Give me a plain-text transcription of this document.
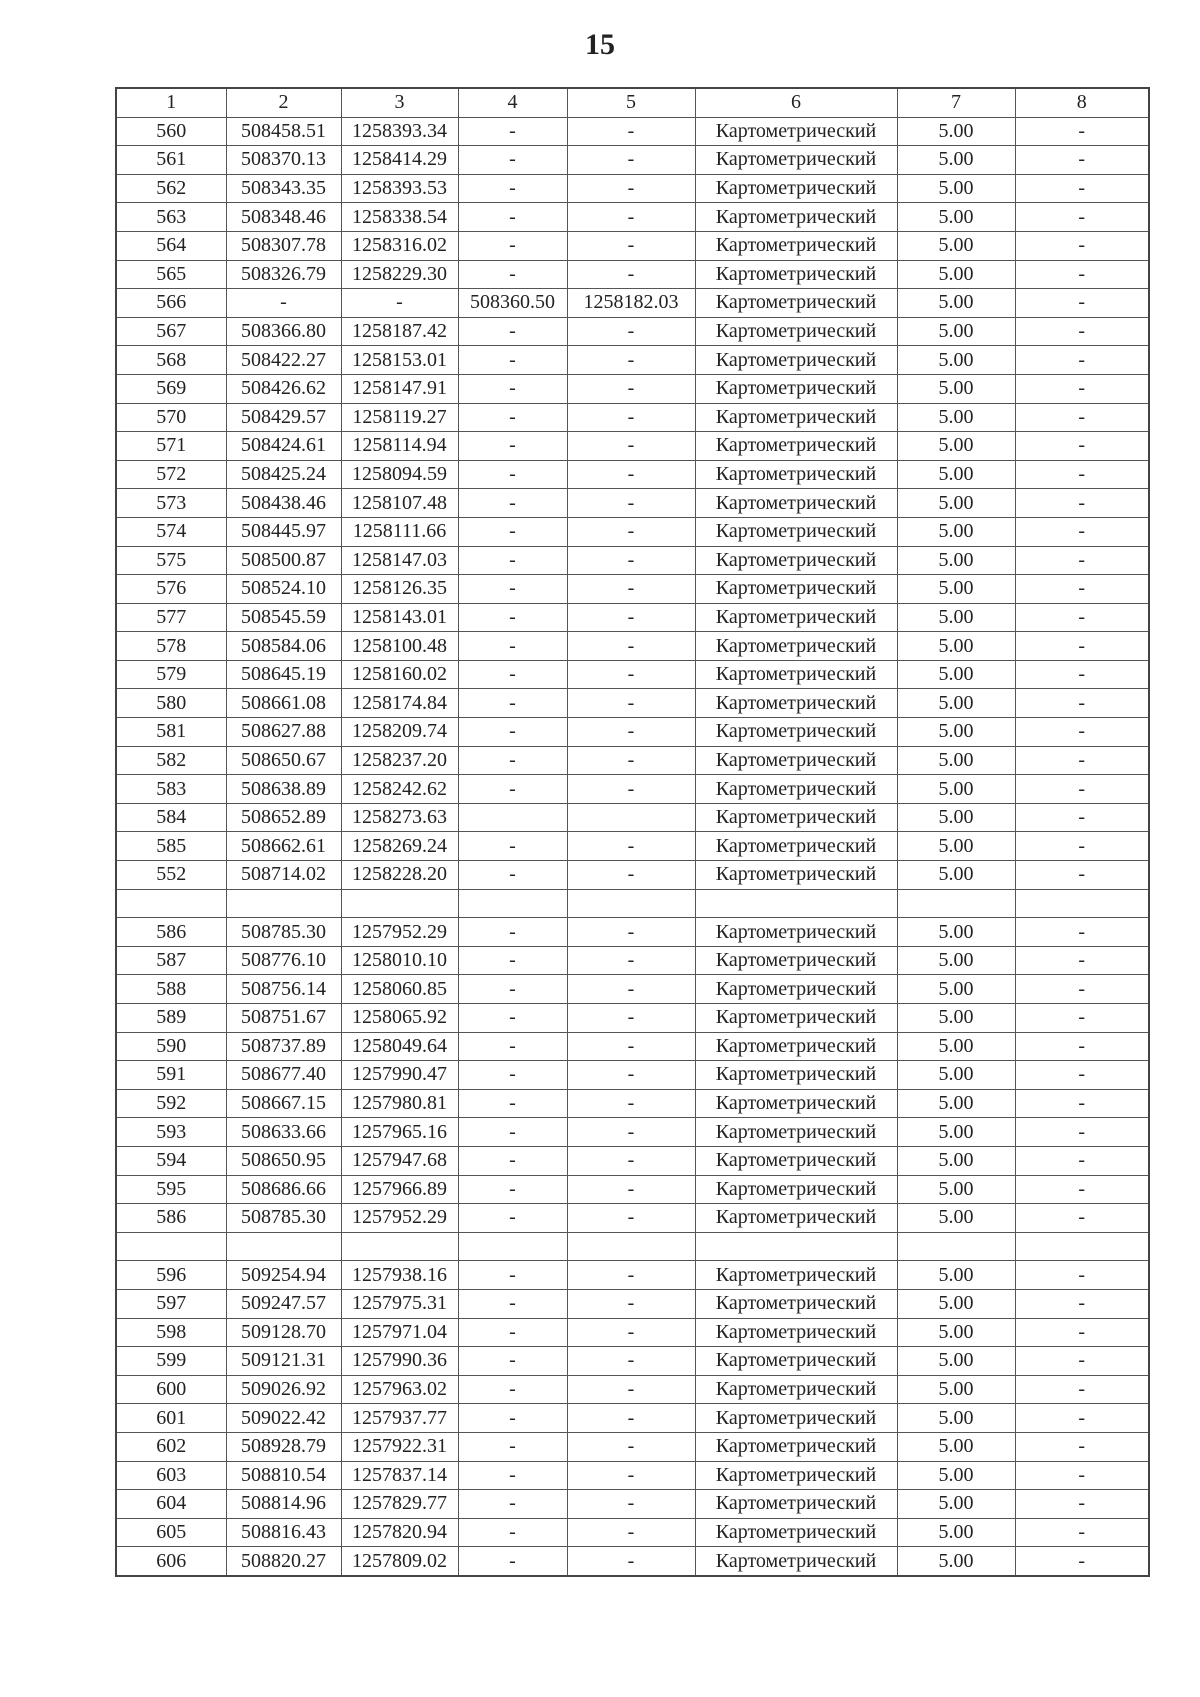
15
1	2	3	4	5	6	7	8
560	508458.51	1258393.34	-	-	Картометрический	5.00	-
561	508370.13	1258414.29	-	-	Картометрический	5.00	-
562	508343.35	1258393.53	-	-	Картометрический	5.00	-
563	508348.46	1258338.54	-	-	Картометрический	5.00	-
564	508307.78	1258316.02	-	-	Картометрический	5.00	-
565	508326.79	1258229.30	-	-	Картометрический	5.00	-
566	-	-	508360.50	1258182.03	Картометрический	5.00	-
567	508366.80	1258187.42	-	-	Картометрический	5.00	-
568	508422.27	1258153.01	-	-	Картометрический	5.00	-
569	508426.62	1258147.91	-	-	Картометрический	5.00	-
570	508429.57	1258119.27	-	-	Картометрический	5.00	-
571	508424.61	1258114.94	-	-	Картометрический	5.00	-
572	508425.24	1258094.59	-	-	Картометрический	5.00	-
573	508438.46	1258107.48	-	-	Картометрический	5.00	-
574	508445.97	1258111.66	-	-	Картометрический	5.00	-
575	508500.87	1258147.03	-	-	Картометрический	5.00	-
576	508524.10	1258126.35	-	-	Картометрический	5.00	-
577	508545.59	1258143.01	-	-	Картометрический	5.00	-
578	508584.06	1258100.48	-	-	Картометрический	5.00	-
579	508645.19	1258160.02	-	-	Картометрический	5.00	-
580	508661.08	1258174.84	-	-	Картометрический	5.00	-
581	508627.88	1258209.74	-	-	Картометрический	5.00	-
582	508650.67	1258237.20	-	-	Картометрический	5.00	-
583	508638.89	1258242.62	-	-	Картометрический	5.00	-
584	508652.89	1258273.63			Картометрический	5.00	-
585	508662.61	1258269.24	-	-	Картометрический	5.00	-
552	508714.02	1258228.20	-	-	Картометрический	5.00	-

586	508785.30	1257952.29	-	-	Картометрический	5.00	-
587	508776.10	1258010.10	-	-	Картометрический	5.00	-
588	508756.14	1258060.85	-	-	Картометрический	5.00	-
589	508751.67	1258065.92	-	-	Картометрический	5.00	-
590	508737.89	1258049.64	-	-	Картометрический	5.00	-
591	508677.40	1257990.47	-	-	Картометрический	5.00	-
592	508667.15	1257980.81	-	-	Картометрический	5.00	-
593	508633.66	1257965.16	-	-	Картометрический	5.00	-
594	508650.95	1257947.68	-	-	Картометрический	5.00	-
595	508686.66	1257966.89	-	-	Картометрический	5.00	-
586	508785.30	1257952.29	-	-	Картометрический	5.00	-

596	509254.94	1257938.16	-	-	Картометрический	5.00	-
597	509247.57	1257975.31	-	-	Картометрический	5.00	-
598	509128.70	1257971.04	-	-	Картометрический	5.00	-
599	509121.31	1257990.36	-	-	Картометрический	5.00	-
600	509026.92	1257963.02	-	-	Картометрический	5.00	-
601	509022.42	1257937.77	-	-	Картометрический	5.00	-
602	508928.79	1257922.31	-	-	Картометрический	5.00	-
603	508810.54	1257837.14	-	-	Картометрический	5.00	-
604	508814.96	1257829.77	-	-	Картометрический	5.00	-
605	508816.43	1257820.94	-	-	Картометрический	5.00	-
606	508820.27	1257809.02	-	-	Картометрический	5.00	-
